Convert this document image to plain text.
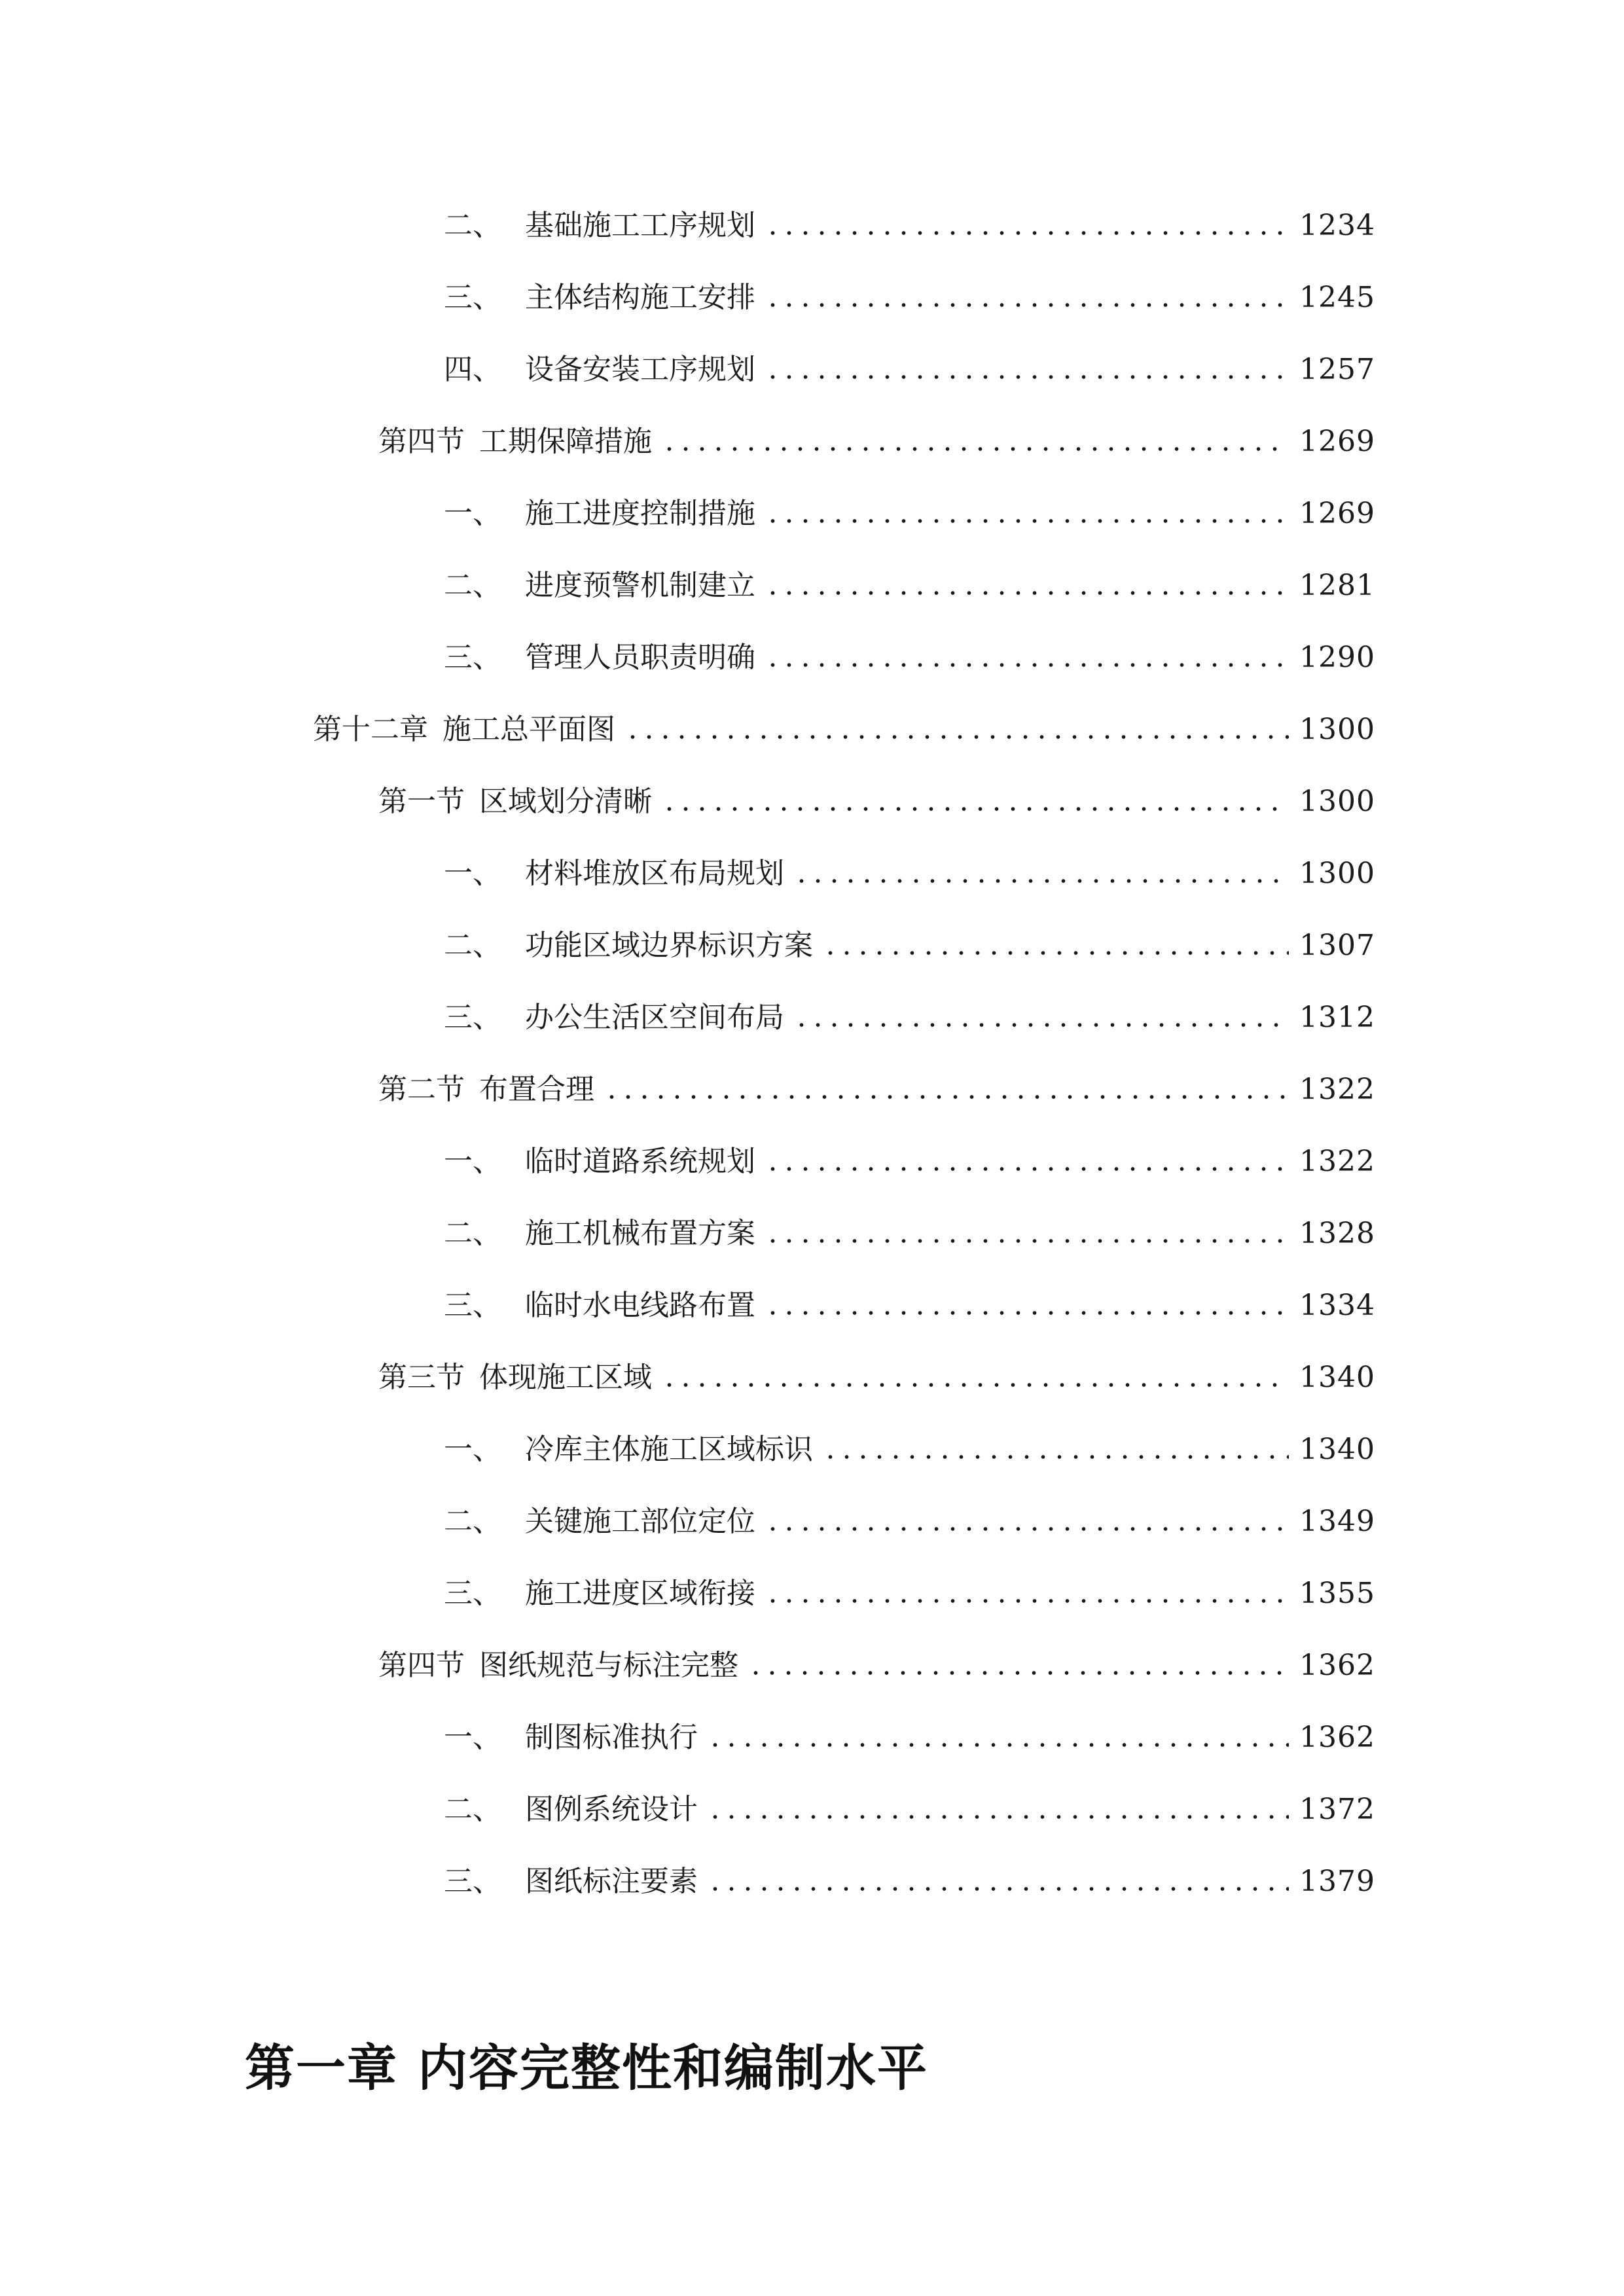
二、 基础施工工序规划	1234
三、 主体结构施工安排	1245
四、 设备安装工序规划	1257
第四节 工期保障措施	1269
一、 施工进度控制措施	1269
二、 进度预警机制建立	1281
三、 管理人员职责明确	1290
第十二章 施工总平面图	1300
第一节 区域划分清晰	1300
一、 材料堆放区布局规划	1300
二、 功能区域边界标识方案	1307
三、 办公生活区空间布局	1312
第二节 布置合理	1322
一、 临时道路系统规划	1322
二、 施工机械布置方案	1328
三、 临时水电线路布置	1334
第三节 体现施工区域	1340
一、 冷库主体施工区域标识	1340
二、 关键施工部位定位	1349
三、 施工进度区域衔接	1355
第四节 图纸规范与标注完整	1362
一、 制图标准执行	1362
二、 图例系统设计	1372
三、 图纸标注要素	1379
第一章 内容完整性和编制水平
